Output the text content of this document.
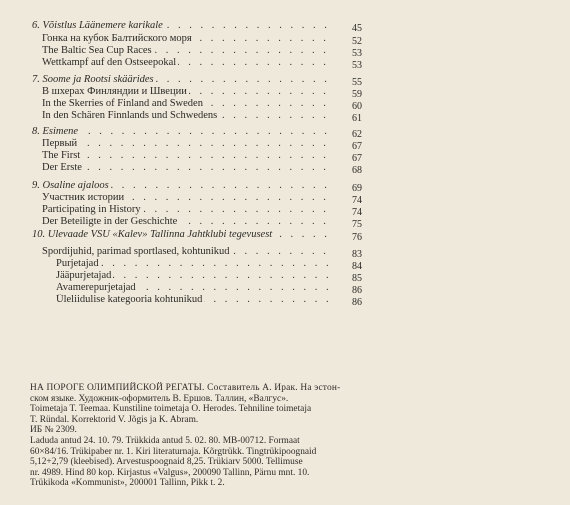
6. Võistlus Läänemere karikale . . .	45
Гонка на кубок Балтийского моря . . .	52
The Baltic Sea Cup Races . . .	53
Wettkampf auf den Ostseepokal . . .	53
7. Soome ja Rootsi skäärides . . .	55
В шхерах Финляндии и Швеции . . .	59
In the Skerries of Finland and Sweden . . .	60
In den Schären Finnlands und Schwedens . . .	61
8. Esimene . . .	62
Первый . . .	67
The First . . .	67
Der Erste . . .	68
9. Osaline ajaloos . . .	69
Участник истории . . .	74
Participating in History . . .	74
Der Beteiligte in der Geschichte . . .	75
10. Ülevaade VSÜ «Kalev» Tallinna Jahtklubi tegevusest . . .	76
Spordijuhid, parimad sportlased, kohtunikud . . .	83
Purjetajad . . .	84
Jääpurjetajad . . .	85
Avamerepurjetajad . . .	86
Üleliidulise kategooria kohtunikud . . .	86

НА ПОРОГЕ ОЛИМПИЙСКОЙ РЕГАТЫ. Составитель А. Ирак. На эстон-

ском языке. Художник-оформитель В. Ершов. Таллин, «Валгус».

Toimetaja T. Teemaa. Kunstiline toimetaja O. Herodes. Tehniline toimetaja

T. Ründal. Korrektorid V. Jõgis ja K. Abram.

ИБ № 2309.

Laduda antud 24. 10. 79. Trükkida antud 5. 02. 80. MB-00712. Formaat

60×84/16. Trükipaber nr. 1. Kiri literaturnaja. Kõrgtrükk. Tingtrükipoognaid

5,12+2,79 (kleebised). Arvestuspoognaid 8,25. Trükiarv 5000. Tellimuse

nr. 4989. Hind 80 kop. Kirjastus «Valgus», 200090 Tallinn, Pärnu mnt. 10.

Trükikoda «Kommunist», 200001 Tallinn, Pikk t. 2.
